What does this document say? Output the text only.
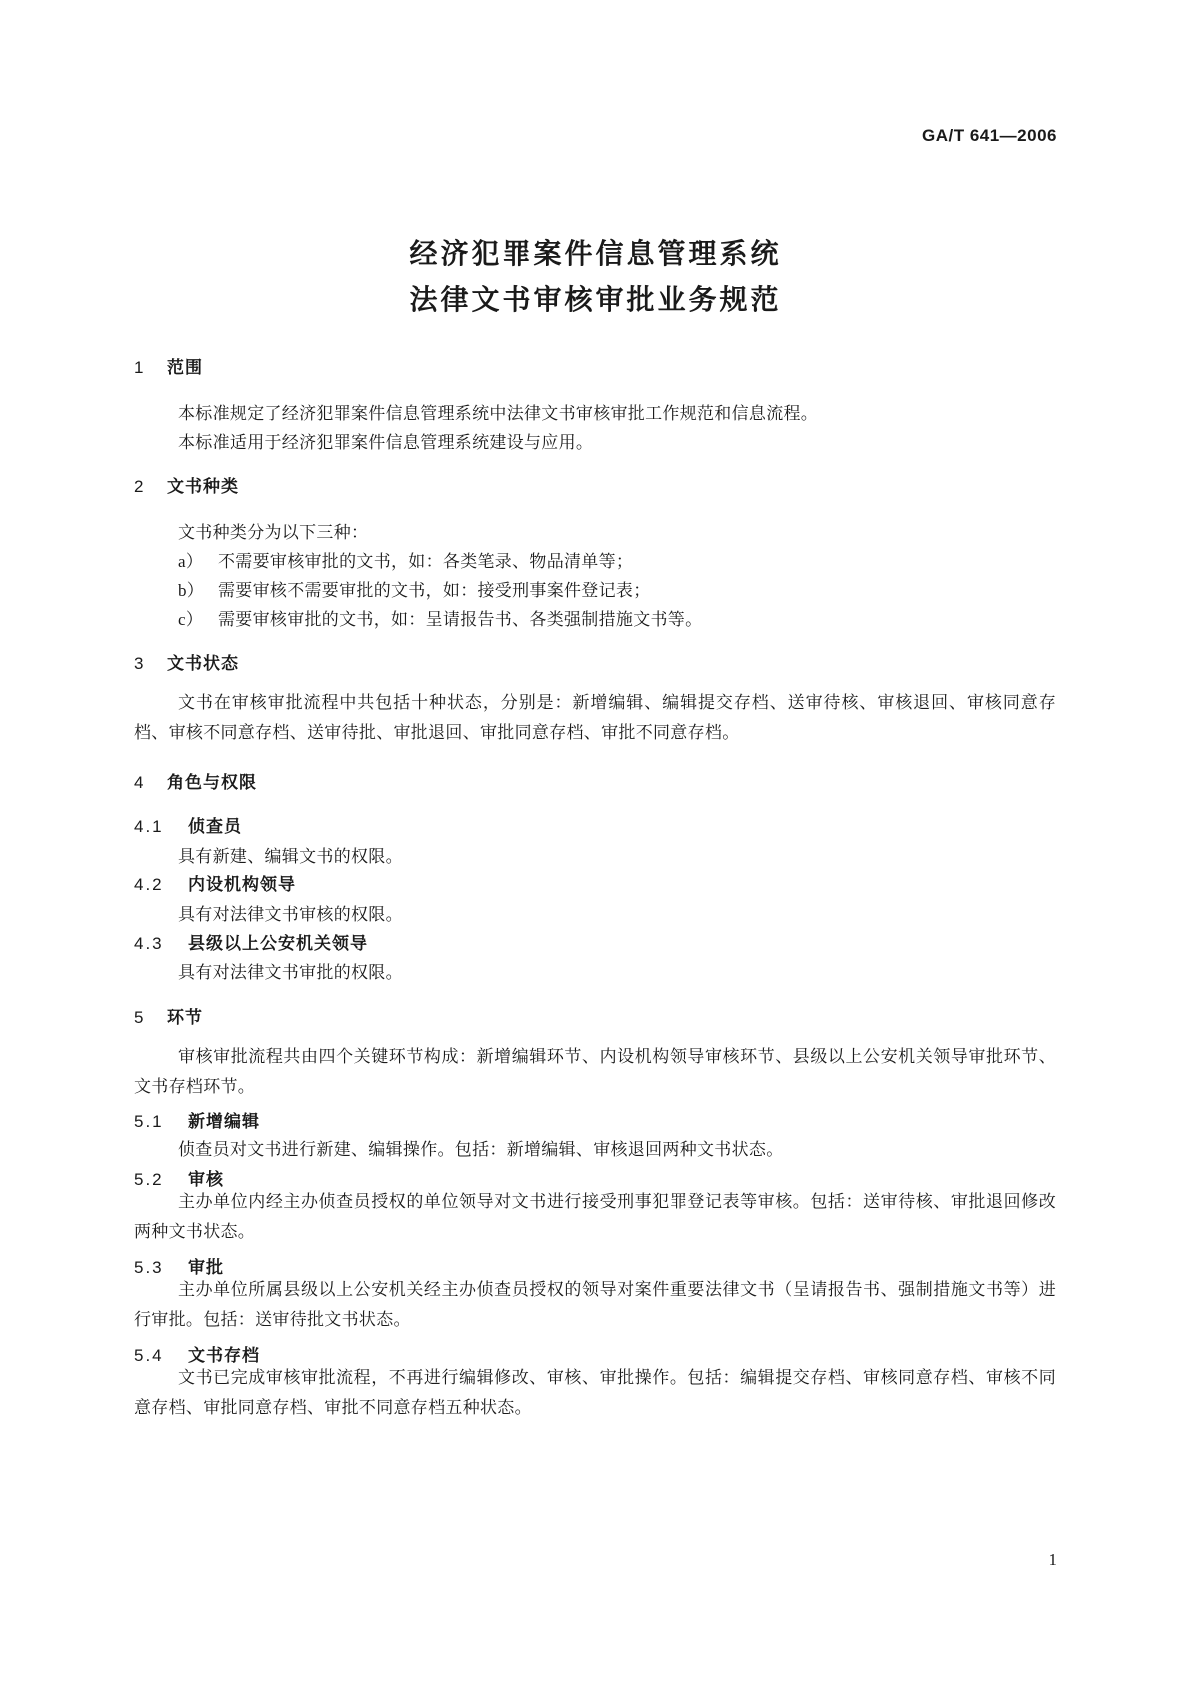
GA/T 641—2006
经济犯罪案件信息管理系统
法律文书审核审批业务规范
1 范围

本标准规定了经济犯罪案件信息管理系统中法律文书审核审批工作规范和信息流程。

本标准适用于经济犯罪案件信息管理系统建设与应用。

2 文书种类

文书种类分为以下三种：

a） 不需要审核审批的文书，如：各类笔录、物品清单等；

b） 需要审核不需要审批的文书，如：接受刑事案件登记表；

c） 需要审核审批的文书，如：呈请报告书、各类强制措施文书等。

3 文书状态

文书在审核审批流程中共包括十种状态，分别是：新增编辑、编辑提交存档、送审待核、审核退回、审核同意存档、审核不同意存档、送审待批、审批退回、审批同意存档、审批不同意存档。

4 角色与权限
4.1 侦查员

具有新建、编辑文书的权限。

4.2 内设机构领导

具有对法律文书审核的权限。

4.3 县级以上公安机关领导

具有对法律文书审批的权限。

5 环节

审核审批流程共由四个关键环节构成：新增编辑环节、内设机构领导审核环节、县级以上公安机关领导审批环节、文书存档环节。

5.1 新增编辑

侦查员对文书进行新建、编辑操作。包括：新增编辑、审核退回两种文书状态。

5.2 审核

主办单位内经主办侦查员授权的单位领导对文书进行接受刑事犯罪登记表等审核。包括：送审待核、审批退回修改两种文书状态。

5.3 审批

主办单位所属县级以上公安机关经主办侦查员授权的领导对案件重要法律文书（呈请报告书、强制措施文书等）进行审批。包括：送审待批文书状态。

5.4 文书存档

文书已完成审核审批流程，不再进行编辑修改、审核、审批操作。包括：编辑提交存档、审核同意存档、审核不同意存档、审批同意存档、审批不同意存档五种状态。

1
